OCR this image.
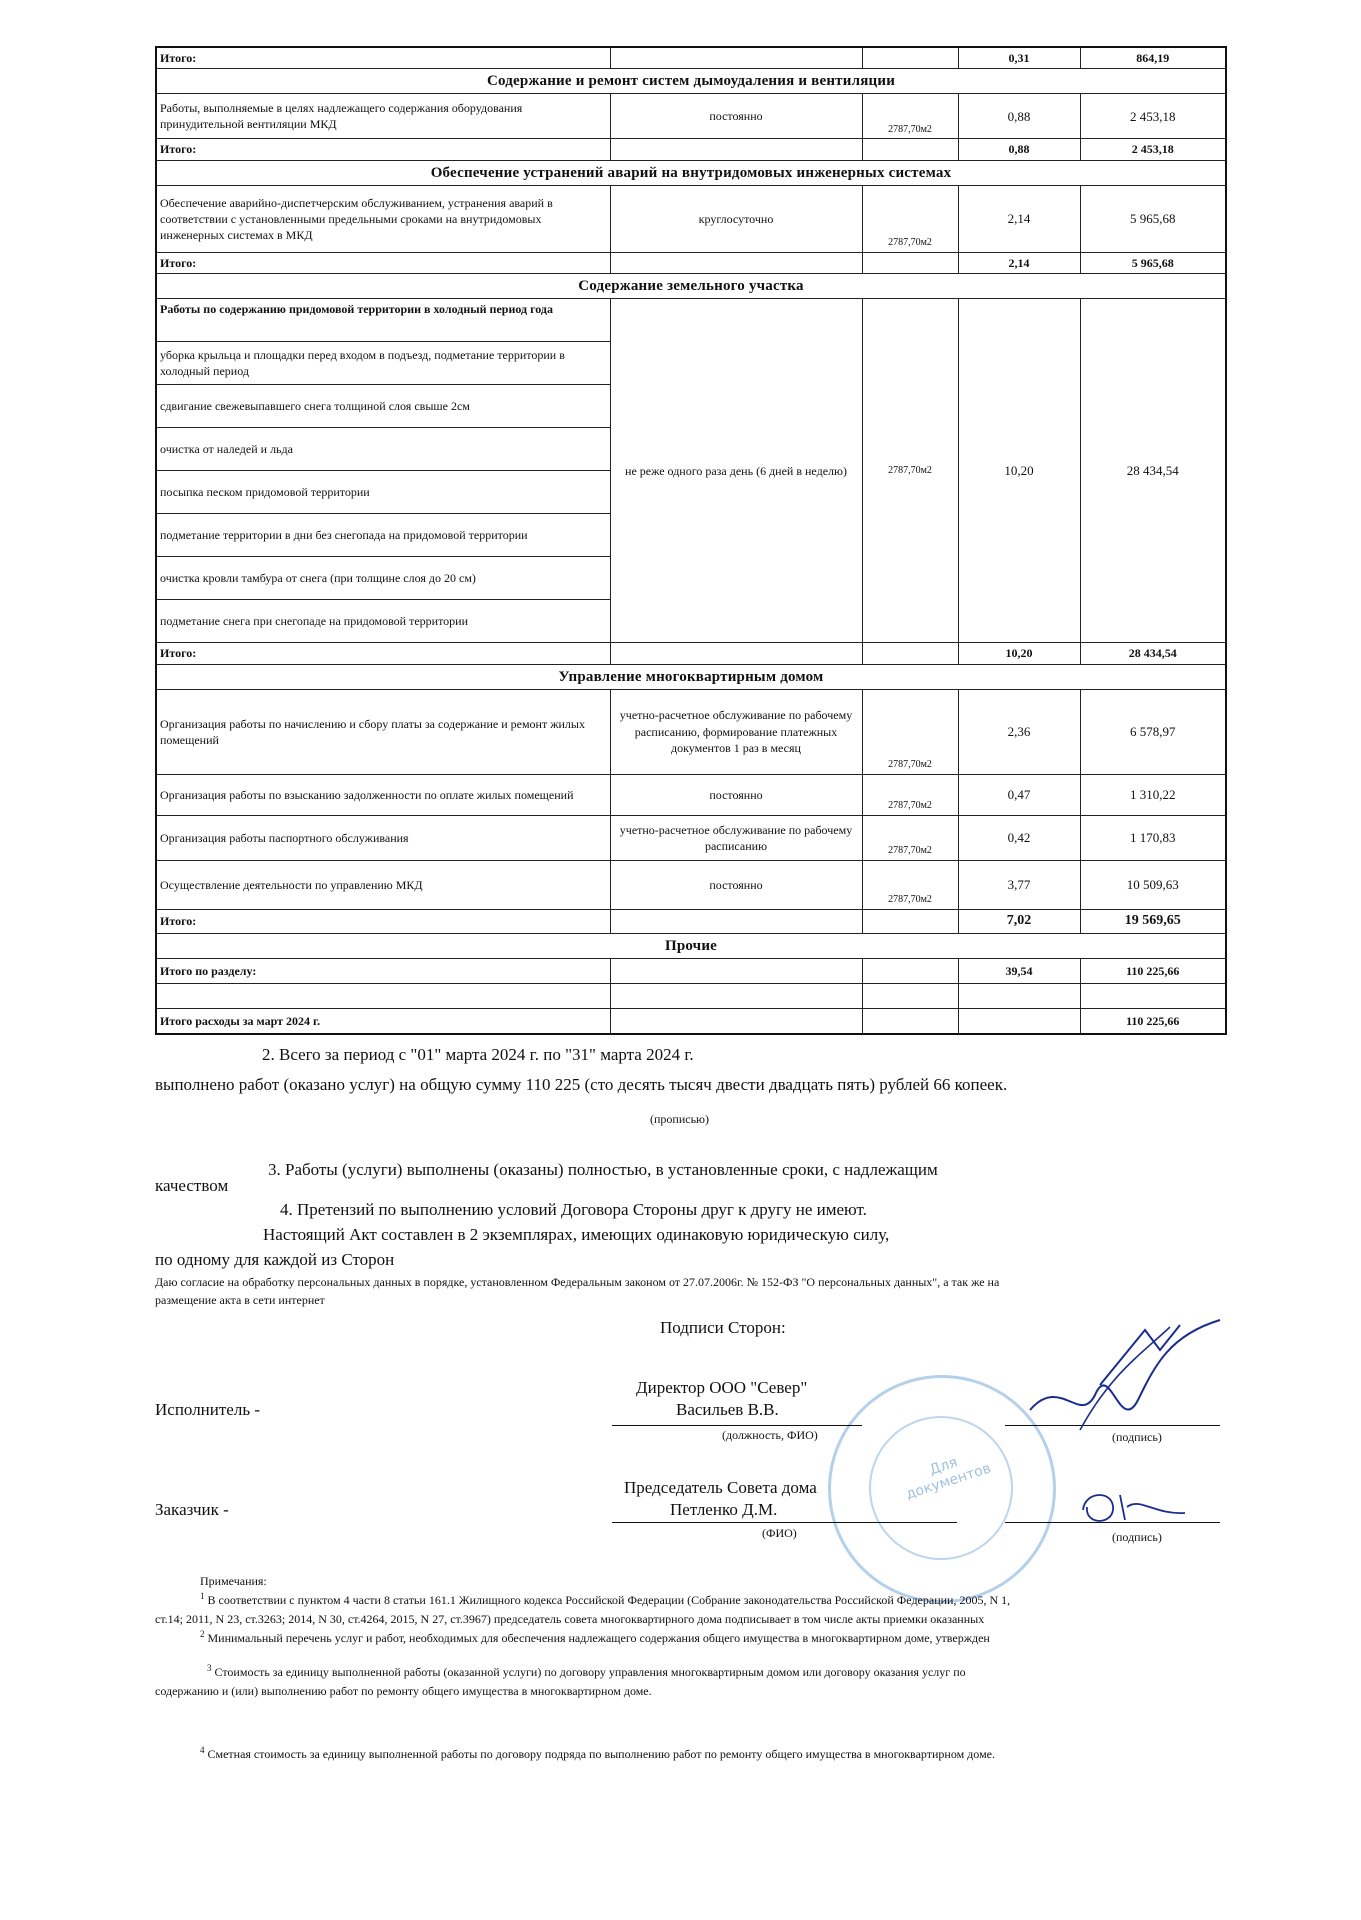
Итого:			0,31	864,19
Содержание и ремонт систем дымоудаления и вентиляции				
Работы, выполняемые в целях надлежащего содержания оборудования принудительной вентиляции МКД	постоянно	2787,70м2	0,88	2 453,18
Итого:			0,88	2 453,18
Обеспечение устранений аварий на внутридомовых инженерных системах				
Обеспечение аварийно-диспетчерским обслуживанием, устранения аварий в соответствии с установленными предельными сроками на внутридомовых инженерных системах в МКД	круглосуточно	2787,70м2	2,14	5 965,68
Итого:			2,14	5 965,68
Содержание земельного участка				
Работы по содержанию придомовой территории в холодный период года	не реже одного раза день (6 дней в неделю)	2787,70м2	10,20	28 434,54
уборка крыльца и площадки перед входом в подъезд, подметание территории в холодный период				
сдвигание свежевыпавшего снега толщиной слоя свыше 2см				
очистка от наледей и льда				
посыпка песком придомовой территории				
подметание территории в дни без снегопада на придомовой территории				
очистка кровли тамбура от снега (при толщине слоя до 20 см)				
подметание снега при снегопаде на придомовой территории				
Итого:			10,20	28 434,54
Управление многоквартирным домом				
Организация работы по начислению и сбору платы за содержание и ремонт жилых помещений	учетно-расчетное обслуживание по рабочему расписанию, формирование платежных документов 1 раз в месяц	2787,70м2	2,36	6 578,97
Организация работы по взысканию задолженности по оплате жилых помещений	постоянно	2787,70м2	0,47	1 310,22
Организация работы паспортного обслуживания	учетно-расчетное обслуживание по рабочему расписанию	2787,70м2	0,42	1 170,83
Осуществление деятельности по управлению МКД	постоянно	2787,70м2	3,77	10 509,63
Итого:			7,02	19 569,65
Прочие				
Итого по разделу:			39,54	110 225,66

Итого расходы за март 2024 г.				110 225,66
2. Всего за период с "01" марта 2024 г. по "31" марта 2024 г.
выполнено работ (оказано услуг) на общую сумму 110 225 (сто десять тысяч двести двадцать пять) рублей 66 копеек.
(прописью)
3. Работы (услуги) выполнены (оказаны) полностью, в установленные сроки, с надлежащим
качеством
4. Претензий по выполнению условий Договора Стороны друг к другу не имеют.
Настоящий Акт составлен в 2 экземплярах, имеющих одинаковую юридическую силу,
по одному для каждой из Сторон
Даю согласие на обработку персональных данных в порядке, установленном Федеральным законом от 27.07.2006г. № 152-ФЗ "О персональных данных", а так же на
размещение акта в сети интернет
Подписи Сторон:
Для документов
Исполнитель -
Директор ООО "Север"
Васильев В.В.
(должность, ФИО)	(подпись)
Заказчик -
Председатель Совета дома
Петленко Д.М.
(ФИО)	(подпись)
Примечания:
$^1$ В соответствии с пунктом 4 части 8 статьи 161.1 Жилищного кодекса Российской Федерации (Собрание законодательства Российской Федерации, 2005, N 1,
ст.14; 2011, N 23, ст.3263; 2014, N 30, ст.4264, 2015, N 27, ст.3967) председатель совета многоквартирного дома подписывает в том числе акты приемки оказанных
$^2$ Минимальный перечень услуг и работ, необходимых для обеспечения надлежащего содержания общего имущества в многоквартирном доме, утвержден
$^3$ Стоимость за единицу выполненной работы (оказанной услуги) по договору управления многоквартирным домом или договору оказания услуг по
содержанию и (или) выполнению работ по ремонту общего имущества в многоквартирном доме.
$^4$ Сметная стоимость за единицу выполненной работы по договору подряда по выполнению работ по ремонту общего имущества в многоквартирном доме.
